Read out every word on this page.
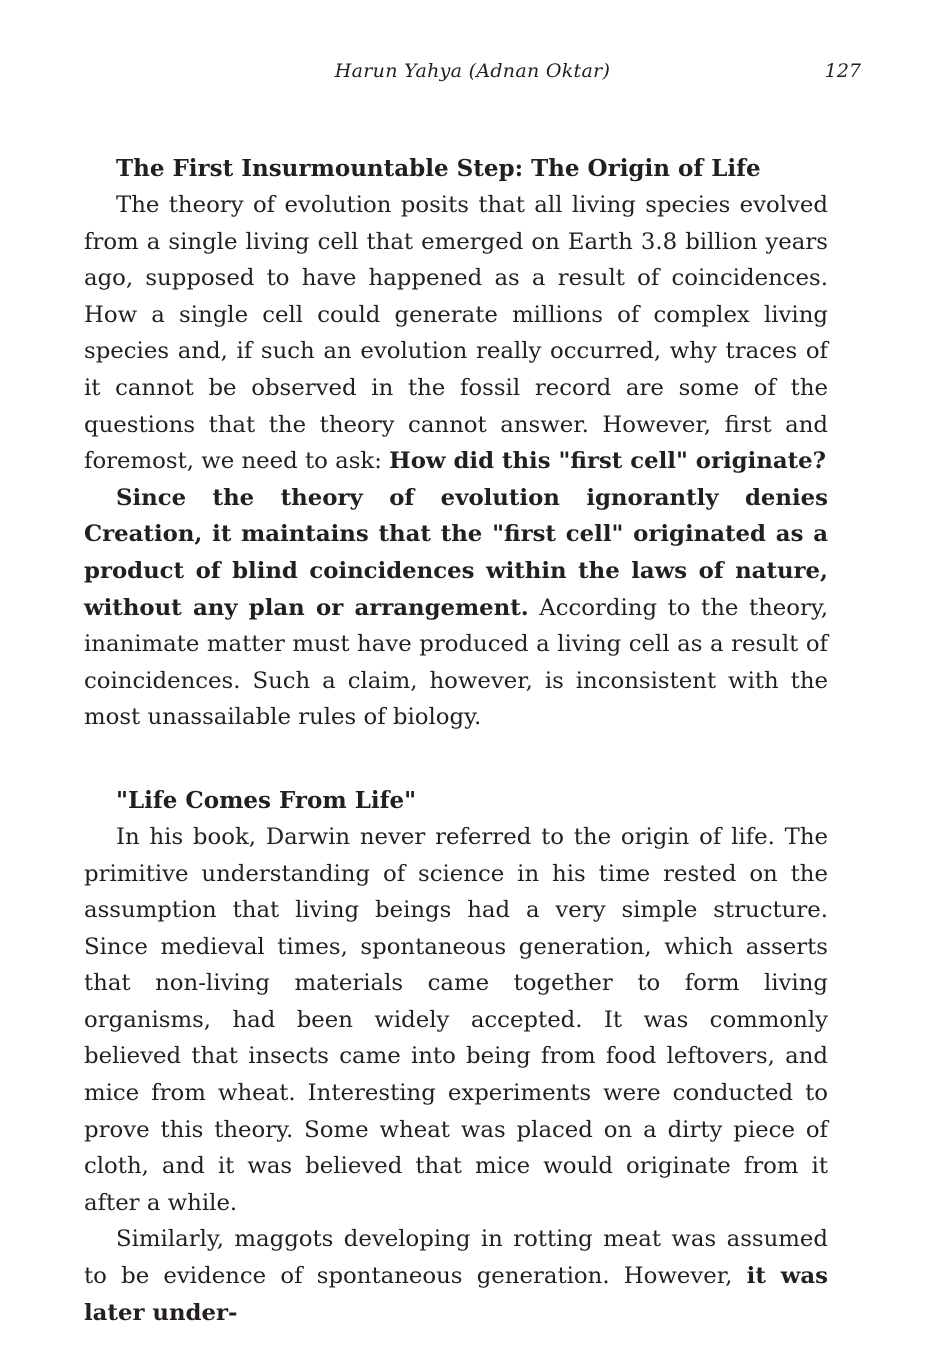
Harun Yahya (Adnan Oktar)	127
The First Insurmountable Step: The Origin of Life

The theory of evolution posits that all living species evolved from a single living cell that emerged on Earth 3.8 billion years ago, supposed to have happened as a result of coincidences. How a single cell could generate millions of complex living species and, if such an evolution really occurred, why traces of it cannot be observed in the fossil record are some of the questions that the theory cannot answer. However, first and foremost, we need to ask: How did this "first cell" originate?

Since the theory of evolution ignorantly denies Creation, it maintains that the "first cell" originated as a product of blind coincidences within the laws of nature, without any plan or arrangement. According to the theory, inanimate matter must have produced a living cell as a result of coincidences. Such a claim, however, is inconsistent with the most unassailable rules of biology.

"Life Comes From Life"

In his book, Darwin never referred to the origin of life. The primitive understanding of science in his time rested on the assumption that living beings had a very simple structure. Since medieval times, spontaneous generation, which asserts that non-living materials came together to form living organisms, had been widely accepted. It was commonly believed that insects came into being from food leftovers, and mice from wheat. Interesting experiments were conducted to prove this theory. Some wheat was placed on a dirty piece of cloth, and it was believed that mice would originate from it after a while.

Similarly, maggots developing in rotting meat was assumed to be evidence of spontaneous generation. However, it was later under-
